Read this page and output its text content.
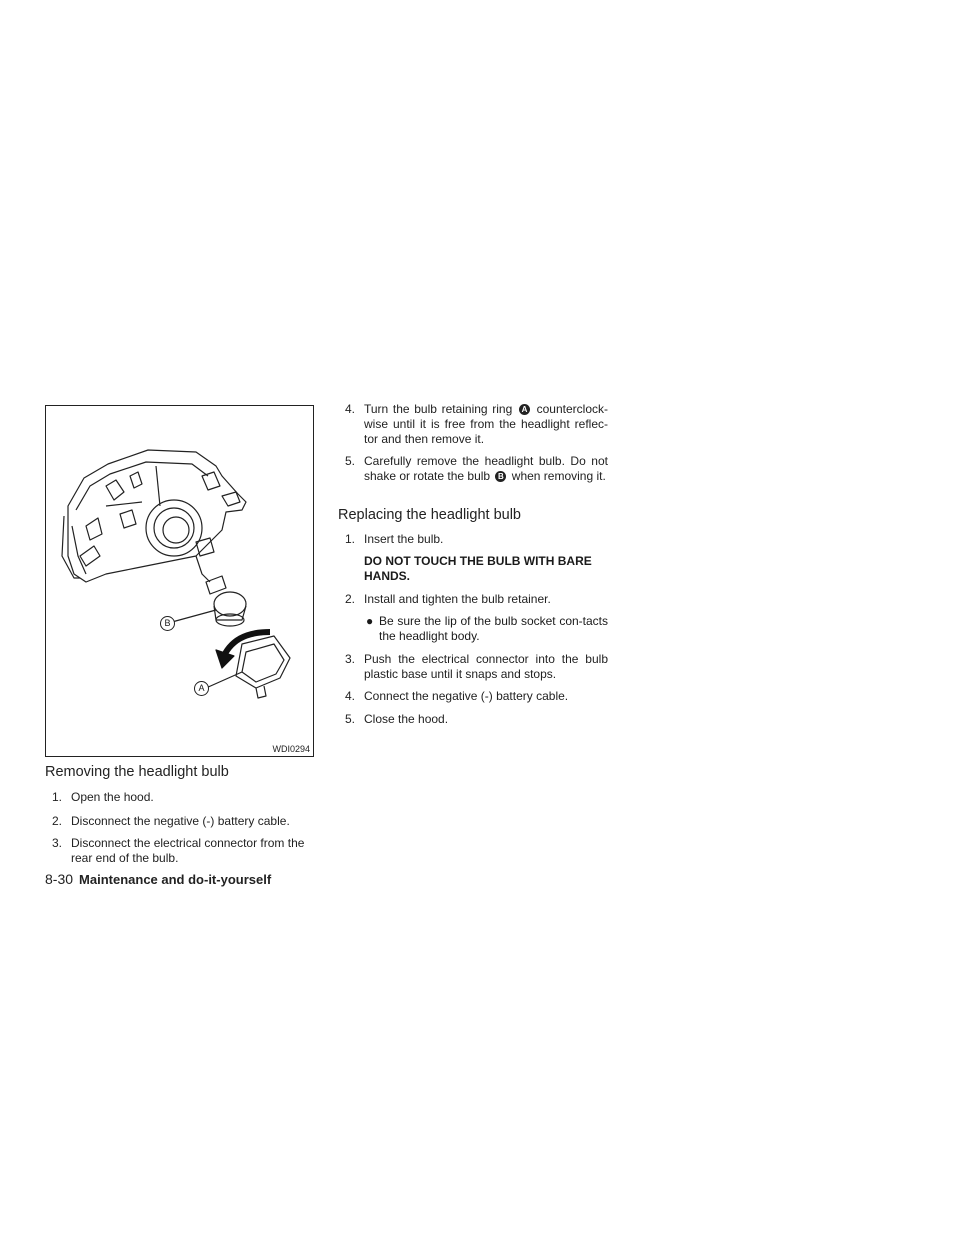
B
A
WDI0294
Removing the headlight bulb
1. Open the hood.
2. Disconnect the negative (-) battery cable.
3. Disconnect the electrical connector from the rear end of the bulb.
4. Turn the bulb retaining ring A counterclock-wise until it is free from the headlight reflec-tor and then remove it.
5. Carefully remove the headlight bulb. Do not shake or rotate the bulb B when removing it.
Replacing the headlight bulb
1. Insert the bulb.
DO NOT TOUCH THE BULB WITH BARE HANDS.
2. Install and tighten the bulb retainer.
● Be sure the lip of the bulb socket con-tacts the headlight body.
3. Push the electrical connector into the bulb plastic base until it snaps and stops.
4. Connect the negative (-) battery cable.
5. Close the hood.
8-30 Maintenance and do-it-yourself
